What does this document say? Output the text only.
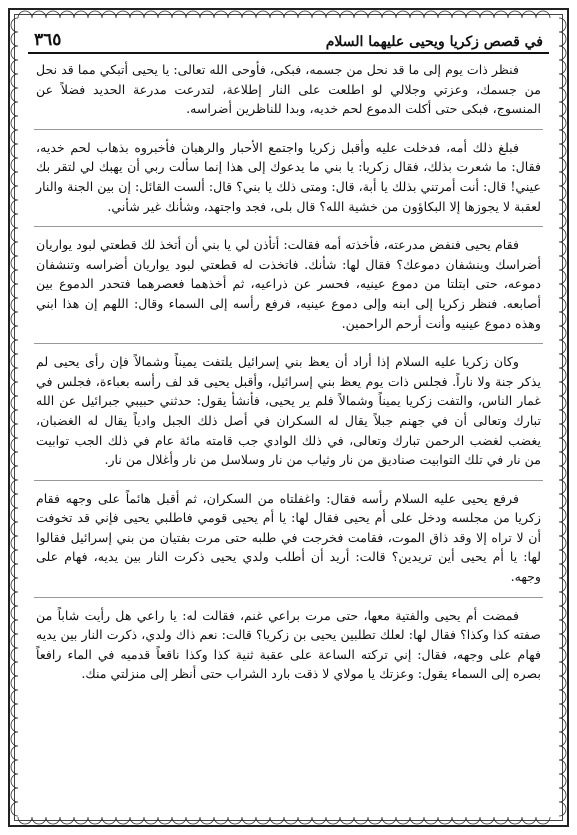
في قصص زكريا ويحيى عليهما السلام
٣٦٥

فنظر ذات يوم إلى ما قد نحل من جسمه، فبكى، فأوحى الله تعالى: يا يحيى أتبكي مما قد نحل من جسمك، وعزتي وجلالي لو اطلعت على النار إطلاعة، لتدرعت مدرعة الحديد فضلاً عن المنسوج، فبكى حتى أكلت الدموع لحم خديه، وبدا للناظرين أضراسه.

فبلغ ذلك أمه، فدخلت عليه وأقبل زكريا واجتمع الأحبار والرهبان فأخبروه بذهاب لحم خديه، فقال: ما شعرت بذلك، فقال زكريا: يا بني ما يدعوك إلى هذا إنما سألت ربي أن يهبك لي لتقر بك عيني! قال: أنت أمرتني بذلك يا أبة، قال: ومتى ذلك يا بني؟ قال: ألست القائل: إن بين الجنة والنار لعقبة لا يجوزها إلا البكاؤون من خشية الله؟ قال بلى، فجد واجتهد، وشأنك غير شأني.

فقام يحيى فنفض مدرعته، فأخذته أمه فقالت: أتأذن لي يا بني أن أتخذ لك قطعتي لبود يواريان أضراسك وينشفان دموعك؟ فقال لها: شأنك. فاتخذت له قطعتي لبود يواريان أضراسه وتنشفان دموعه، حتى ابتلتا من دموع عينيه، فحسر عن ذراعيه، ثم أخذهما فعصرهما فتحدر الدموع بين أصابعه. فنظر زكريا إلى ابنه وإلى دموع عينيه، فرفع رأسه إلى السماء وقال: اللهم إن هذا ابني وهذه دموع عينيه وأنت أرحم الراحمين.

وكان زكريا عليه السلام إذا أراد أن يعظ بني إسرائيل يلتفت يميناً وشمالاً فإن رأى يحيى لم يذكر جنة ولا ناراً. فجلس ذات يوم يعظ بني إسرائيل، وأقبل يحيى قد لف رأسه بعباءة، فجلس في غمار الناس، والتفت زكريا يميناً وشمالاً فلم ير يحيى، فأنشأ يقول: حدثني حبيبي جبرائيل عن الله تبارك وتعالى أن في جهنم جبلاً يقال له السكران في أصل ذلك الجبل وادياً يقال له الغضبان، يغضب لغضب الرحمن تبارك وتعالى، في ذلك الوادي جب قامته مائة عام في ذلك الجب توابيت من نار في تلك التوابيت صناديق من نار وثياب من نار وسلاسل من نار وأغلال من نار.

فرفع يحيى عليه السلام رأسه فقال: واغفلتاه من السكران، ثم أقبل هائماً على وجهه فقام زكريا من مجلسه ودخل على أم يحيى فقال لها: يا أم يحيى قومي فاطلبي يحيى فإني قد تخوفت أن لا تراه إلا وقد ذاق الموت، فقامت فخرجت في طلبه حتى مرت بفتيان من بني إسرائيل فقالوا لها: يا أم يحيى أين تريدين؟ قالت: أريد أن أطلب ولدي يحيى ذكرت النار بين يديه، فهام على وجهه.

فمضت أم يحيى والفتية معها، حتى مرت براعي غنم، فقالت له: يا راعي هل رأيت شاباً من صفته كذا وكذا؟ فقال لها: لعلك تطلبين يحيى بن زكريا؟ قالت: نعم ذاك ولدي، ذكرت النار بين يديه فهام على وجهه، فقال: إني تركته الساعة على عقبة ثنية كذا وكذا ناقعاً قدميه في الماء رافعاً بصره إلى السماء يقول: وعزتك يا مولاي لا ذقت بارد الشراب حتى أنظر إلى منزلتي منك.
